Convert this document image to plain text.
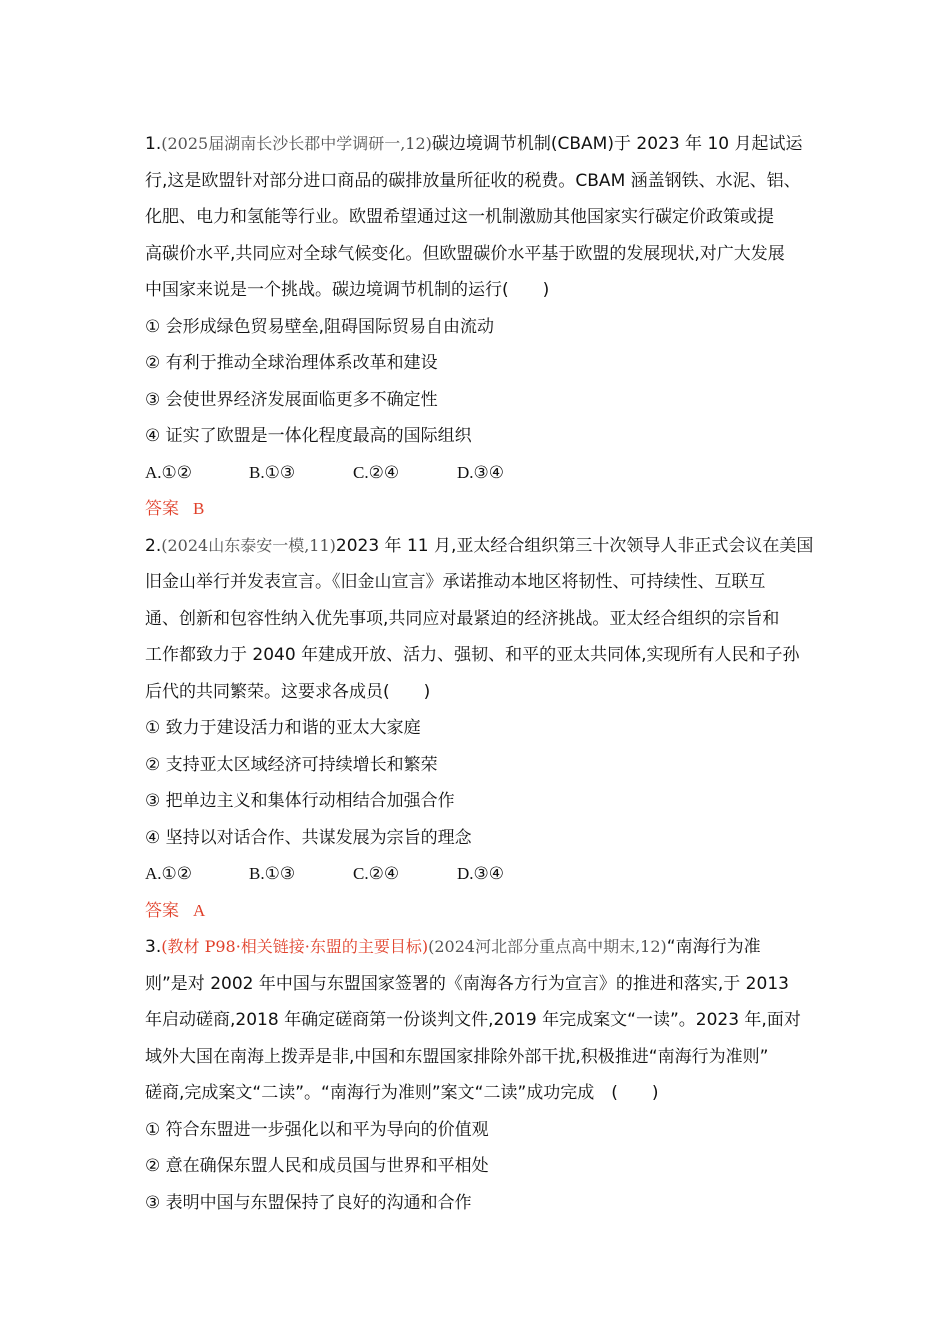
1.(2025届湖南长沙长郡中学调研一,12)碳边境调节机制(CBAM)于 2023 年 10 月起试运
行,这是欧盟针对部分进口商品的碳排放量所征收的税费。CBAM 涵盖钢铁、水泥、铝、
化肥、电力和氢能等行业。欧盟希望通过这一机制激励其他国家实行碳定价政策或提
高碳价水平,共同应对全球气候变化。但欧盟碳价水平基于欧盟的发展现状,对广大发展
中国家来说是一个挑战。碳边境调节机制的运行(　　)
① 会形成绿色贸易壁垒,阻碍国际贸易自由流动
② 有利于推动全球治理体系改革和建设
③ 会使世界经济发展面临更多不确定性
④ 证实了欧盟是一体化程度最高的国际组织
A.①②	B.①③	C.②④	D.③④
答案 B
2.(2024山东泰安一模,11)2023 年 11 月,亚太经合组织第三十次领导人非正式会议在美国
旧金山举行并发表宣言。《旧金山宣言》承诺推动本地区将韧性、可持续性、互联互
通、创新和包容性纳入优先事项,共同应对最紧迫的经济挑战。亚太经合组织的宗旨和
工作都致力于 2040 年建成开放、活力、强韧、和平的亚太共同体,实现所有人民和子孙
后代的共同繁荣。这要求各成员(　　)
① 致力于建设活力和谐的亚太大家庭
② 支持亚太区域经济可持续增长和繁荣
③ 把单边主义和集体行动相结合加强合作
④ 坚持以对话合作、共谋发展为宗旨的理念
A.①②	B.①③	C.②④	D.③④
答案 A
3.(教材 P98·相关链接·东盟的主要目标)(2024河北部分重点高中期末,12)“南海行为准
则”是对 2002 年中国与东盟国家签署的《南海各方行为宣言》的推进和落实,于 2013
年启动磋商,2018 年确定磋商第一份谈判文件,2019 年完成案文“一读”。2023 年,面对
域外大国在南海上拨弄是非,中国和东盟国家排除外部干扰,积极推进“南海行为准则”
磋商,完成案文“二读”。“南海行为准则”案文“二读”成功完成　(　　)
① 符合东盟进一步强化以和平为导向的价值观
② 意在确保东盟人民和成员国与世界和平相处
③ 表明中国与东盟保持了良好的沟通和合作
